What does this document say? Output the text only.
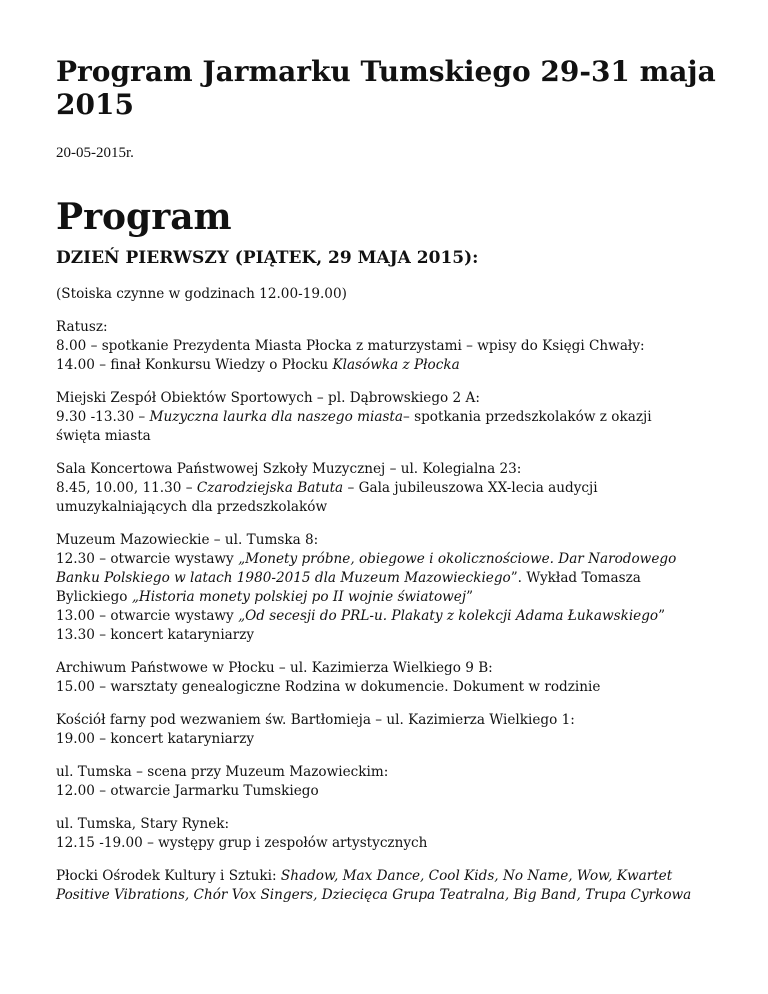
Program Jarmarku Tumskiego 29-31 maja 2015
20-05-2015r.
Program
DZIEŃ PIERWSZY (PIĄTEK, 29 MAJA 2015):

(Stoiska czynne w godzinach 12.00-19.00)

Ratusz:
8.00 – spotkanie Prezydenta Miasta Płocka z maturzystami – wpisy do Księgi Chwały:
14.00 – finał Konkursu Wiedzy o Płocku Klasówka z Płocka

Miejski Zespół Obiektów Sportowych – pl. Dąbrowskiego 2 A:
9.30 -13.30 – Muzyczna laurka dla naszego miasta– spotkania przedszkolaków z okazji
święta miasta

Sala Koncertowa Państwowej Szkoły Muzycznej – ul. Kolegialna 23:
8.45, 10.00, 11.30 – Czarodziejska Batuta – Gala jubileuszowa XX-lecia audycji
umuzykalniających dla przedszkolaków

Muzeum Mazowieckie – ul. Tumska 8:
12.30 – otwarcie wystawy „Monety próbne, obiegowe i okolicznościowe. Dar Narodowego
Banku Polskiego w latach 1980-2015 dla Muzeum Mazowieckiego”. Wykład Tomasza
Bylickiego „Historia monety polskiej po II wojnie światowej”
13.00 – otwarcie wystawy „Od secesji do PRL-u. Plakaty z kolekcji Adama Łukawskiego”
13.30 – koncert kataryniarzy

Archiwum Państwowe w Płocku – ul. Kazimierza Wielkiego 9 B:
15.00 – warsztaty genealogiczne Rodzina w dokumencie. Dokument w rodzinie

Kościół farny pod wezwaniem św. Bartłomieja – ul. Kazimierza Wielkiego 1:
19.00 – koncert kataryniarzy

ul. Tumska – scena przy Muzeum Mazowieckim:
12.00 – otwarcie Jarmarku Tumskiego

ul. Tumska, Stary Rynek:
12.15 -19.00 – występy grup i zespołów artystycznych

Płocki Ośrodek Kultury i Sztuki: Shadow, Max Dance, Cool Kids, No Name, Wow, Kwartet
Positive Vibrations, Chór Vox Singers, Dziecięca Grupa Teatralna, Big Band, Trupa Cyrkowa
